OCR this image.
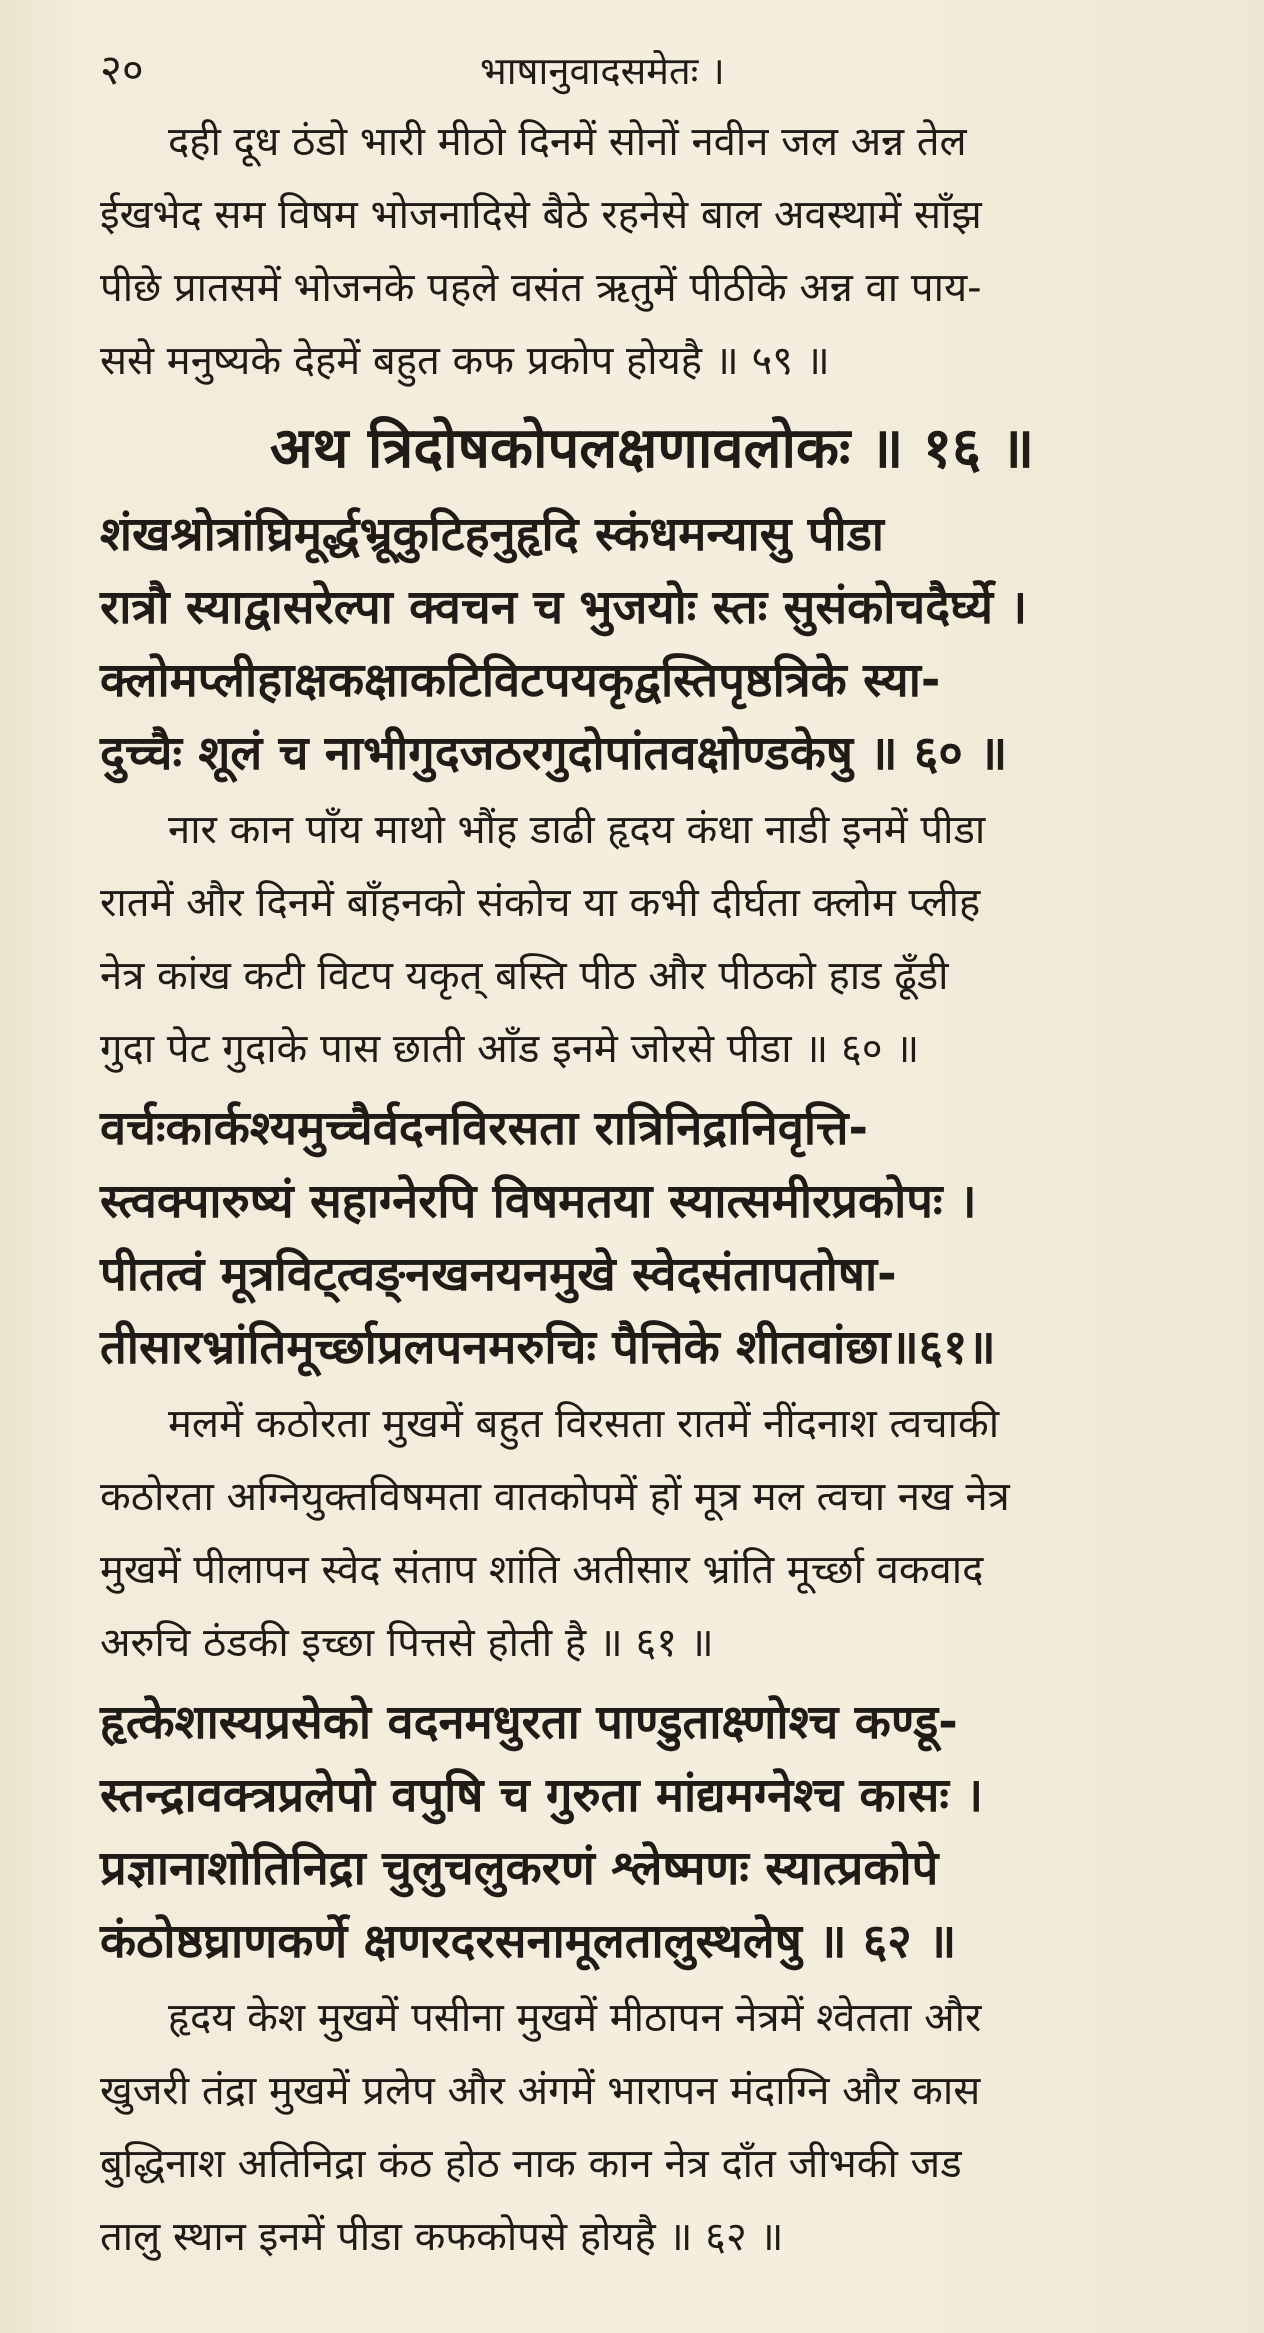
२०	भाषानुवादसमेतः ।

दही दूध ठंडो भारी मीठो दिनमें सोनों नवीन जल अन्न तेल
ईखभेद सम विषम भोजनादिसे बैठे रहनेसे बाल अवस्थामें साँझ
पीछे प्रातसमें भोजनके पहले वसंत ऋतुमें पीठीके अन्न वा पाय-
ससे मनुष्यके देहमें बहुत कफ प्रकोप होयहै ॥ ५९ ॥

अथ त्रिदोषकोपलक्षणावलोकः ॥ १६ ॥
शंखश्रोत्रांघ्रिमूर्द्धभ्रूकुटिहनुहृदि स्कंधमन्यासु पीडा
रात्रौ स्याद्वासरेल्पा क्वचन च भुजयोः स्तः सुसंकोचदैर्घ्ये ।
क्लोमप्लीहाक्षकक्षाकटिविटपयकृद्वस्तिपृष्ठत्रिके स्या-
दुच्चैः शूलं च नाभीगुदजठरगुदोपांतवक्षोण्डकेषु ॥ ६० ॥

नार कान पाँय माथो भौंह डाढी हृदय कंधा नाडी इनमें पीडा
रातमें और दिनमें बाँहनको संकोच या कभी दीर्घता क्लोम प्लीह
नेत्र कांख कटी विटप यकृत् बस्ति पीठ और पीठको हाड ढूँडी
गुदा पेट गुदाके पास छाती आँड इनमे जोरसे पीडा ॥ ६० ॥

वर्चःकार्कश्यमुच्चैर्वदनविरसता रात्रिनिद्रानिवृत्ति-
स्त्वक्पारुष्यं सहाग्नेरपि विषमतया स्यात्समीरप्रकोपः ।
पीतत्वं मूत्रविट्त्वङ्नखनयनमुखे स्वेदसंतापतोषा-
तीसारभ्रांतिमूर्च्छाप्रलपनमरुचिः पैत्तिके शीतवांछा॥६१॥

मलमें कठोरता मुखमें बहुत विरसता रातमें नींदनाश त्वचाकी
कठोरता अग्नियुक्तविषमता वातकोपमें हों मूत्र मल त्वचा नख नेत्र
मुखमें पीलापन स्वेद संताप शांति अतीसार भ्रांति मूर्च्छा वकवाद
अरुचि ठंडकी इच्छा पित्तसे होती है ॥ ६१ ॥

हृत्केशास्यप्रसेको वदनमधुरता पाण्डुताक्ष्णोश्च कण्डू-
स्तन्द्रावक्त्रप्रलेपो वपुषि च गुरुता मांद्यमग्नेश्च कासः ।
प्रज्ञानाशोतिनिद्रा चुलुचलुकरणं श्लेष्मणः स्यात्प्रकोपे
कंठोष्ठघ्राणकर्णे क्षणरदरसनामूलतालुस्थलेषु ॥ ६२ ॥

हृदय केश मुखमें पसीना मुखमें मीठापन नेत्रमें श्वेतता और
खुजरी तंद्रा मुखमें प्रलेप और अंगमें भारापन मंदाग्नि और कास
बुद्धिनाश अतिनिद्रा कंठ होठ नाक कान नेत्र दाँत जीभकी जड
तालु स्थान इनमें पीडा कफकोपसे होयहै ॥ ६२ ॥
